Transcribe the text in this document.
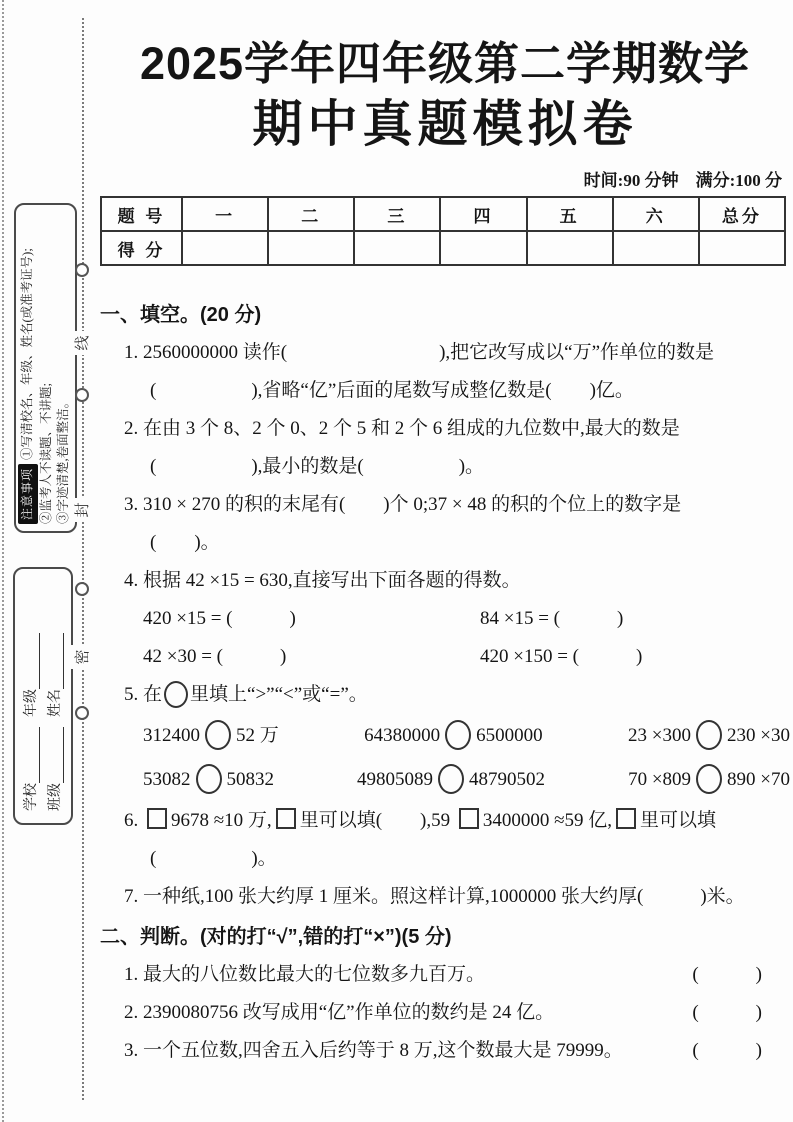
线
封
密
注意事项
①写清校名、年级、姓名(或准考证号); ②监考人不读题、不讲题; ③字迹清楚,卷面整洁。
学校
年级
班级
姓名
2025学年四年级第二学期数学
期中真题模拟卷
时间:90 分钟　满分:100 分
题 号	一	二	三	四	五	六	总分
得 分							
一、填空。(20 分)

1. 2560000000 读作(　　　　　　　　),把它改写成以“万”作单位的数是

(　　　　　),省略“亿”后面的尾数写成整亿数是(　　)亿。

2. 在由 3 个 8、2 个 0、2 个 5 和 2 个 6 组成的九位数中,最大的数是

(　　　　　),最小的数是(　　　　　)。

3. 310 × 270 的积的末尾有(　　)个 0;37 × 48 的积的个位上的数字是

(　　)。

4. 根据 42 ×15 = 630,直接写出下面各题的得数。

420 ×15 = (　　　)	84 ×15 = (　　　)
42 ×30 = (　　　)	420 ×150 = (　　　)

5. 在 里填上“>”“<”或“=”。

312400 52 万	64380000 6500000	23 ×300 230 ×30
53082 50832	49805089 48790502	70 ×809 890 ×70

6. 9678 ≈10 万, 里可以填(　　),59 3400000 ≈59 亿, 里可以填

(　　　　　)。

7. 一种纸,100 张大约厚 1 厘米。照这样计算,1000000 张大约厚(　　　)米。

二、判断。(对的打“√”,错的打“×”)(5 分)
1. 最大的八位数比最大的七位数多九百万。	(　　　)
2. 2390080756 改写成用“亿”作单位的数约是 24 亿。	(　　　)
3. 一个五位数,四舍五入后约等于 8 万,这个数最大是 79999。	(　　　)
